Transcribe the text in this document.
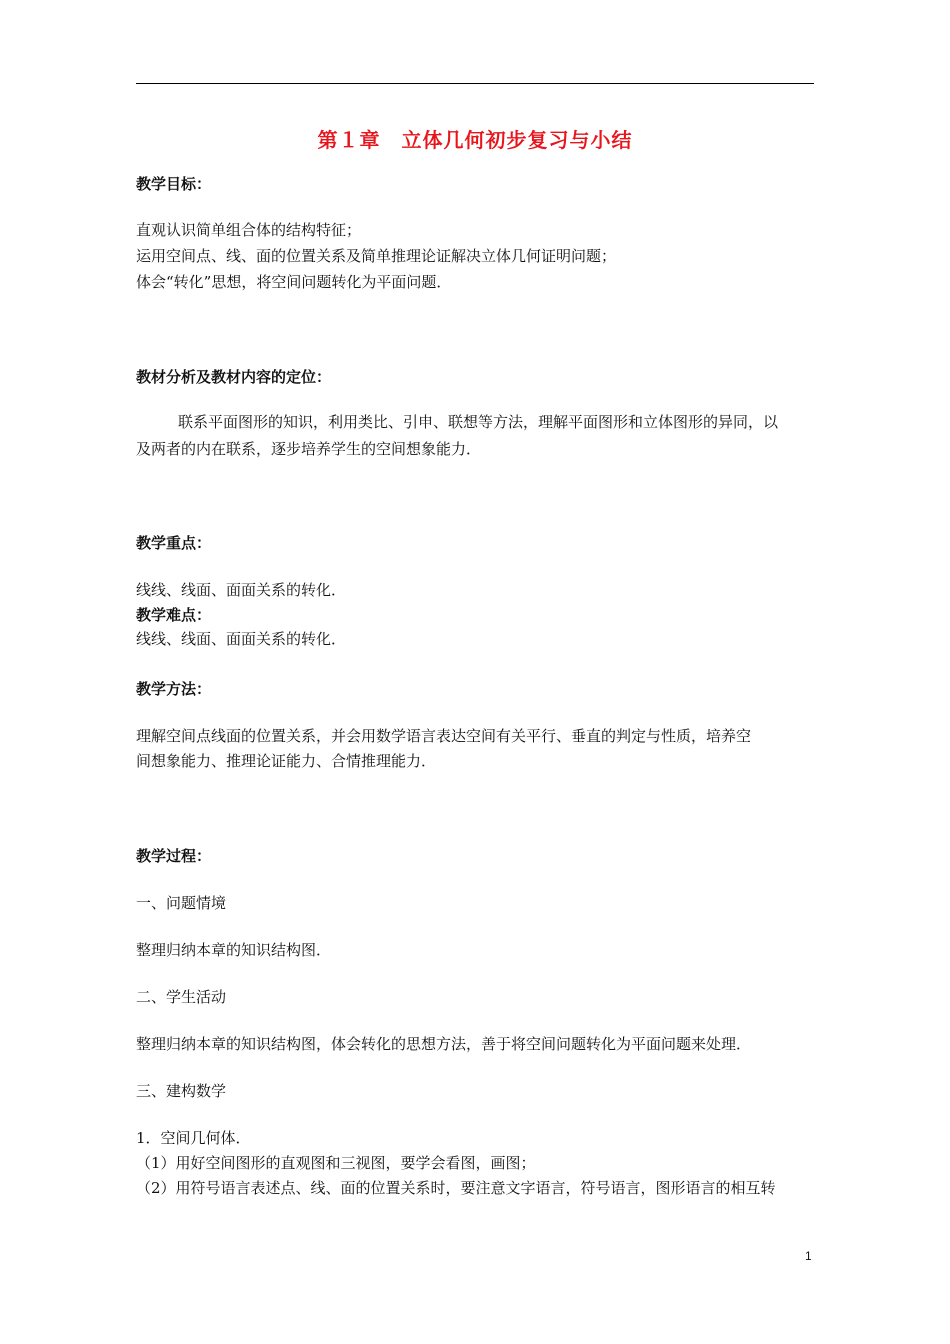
第１章　立体几何初步复习与小结
教学目标：
直观认识简单组合体的结构特征；
运用空间点、线、面的位置关系及简单推理论证解决立体几何证明问题；
体会“转化”思想，将空间问题转化为平面问题．
教材分析及教材内容的定位：
联系平面图形的知识，利用类比、引申、联想等方法，理解平面图形和立体图形的异同，以
及两者的内在联系，逐步培养学生的空间想象能力．
教学重点：
线线、线面、面面关系的转化．
教学难点：
线线、线面、面面关系的转化．
教学方法：
理解空间点线面的位置关系，并会用数学语言表达空间有关平行、垂直的判定与性质，培养空
间想象能力、推理论证能力、合情推理能力．
教学过程：
一、问题情境
整理归纳本章的知识结构图．
二、学生活动
整理归纳本章的知识结构图，体会转化的思想方法，善于将空间问题转化为平面问题来处理．
三、建构数学
1．空间几何体．
（1）用好空间图形的直观图和三视图，要学会看图，画图；
（2）用符号语言表述点、线、面的位置关系时，要注意文字语言，符号语言，图形语言的相互转
1
